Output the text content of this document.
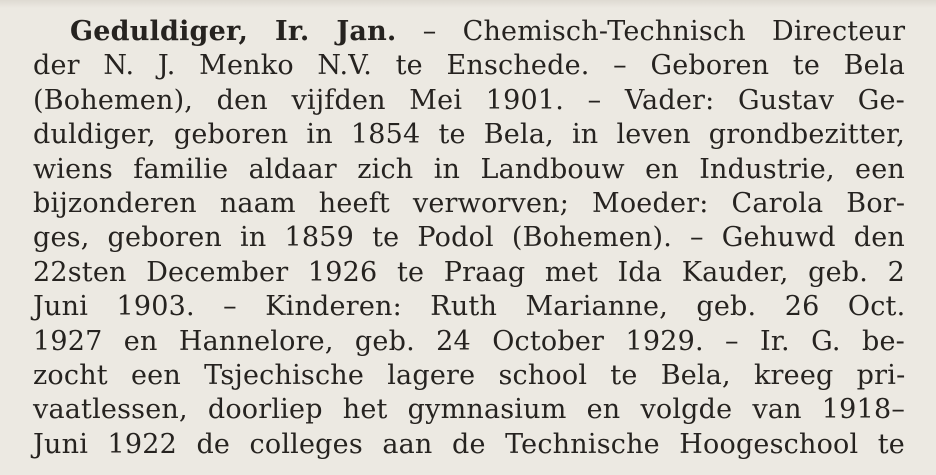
Geduldiger, Ir. Jan. – Chemisch-Technisch Directeur
der N. J. Menko N.V. te Enschede. – Geboren te Bela
(Bohemen), den vijfden Mei 1901. – Vader: Gustav Ge-
duldiger, geboren in 1854 te Bela, in leven grondbezitter,
wiens familie aldaar zich in Landbouw en Industrie, een
bijzonderen naam heeft verworven; Moeder: Carola Bor-
ges, geboren in 1859 te Podol (Bohemen). – Gehuwd den
22sten December 1926 te Praag met Ida Kauder, geb. 2
Juni 1903. – Kinderen: Ruth Marianne, geb. 26 Oct.
1927 en Hannelore, geb. 24 October 1929. – Ir. G. be-
zocht een Tsjechische lagere school te Bela, kreeg pri-
vaatlessen, doorliep het gymnasium en volgde van 1918–
Juni 1922 de colleges aan de Technische Hoogeschool te
